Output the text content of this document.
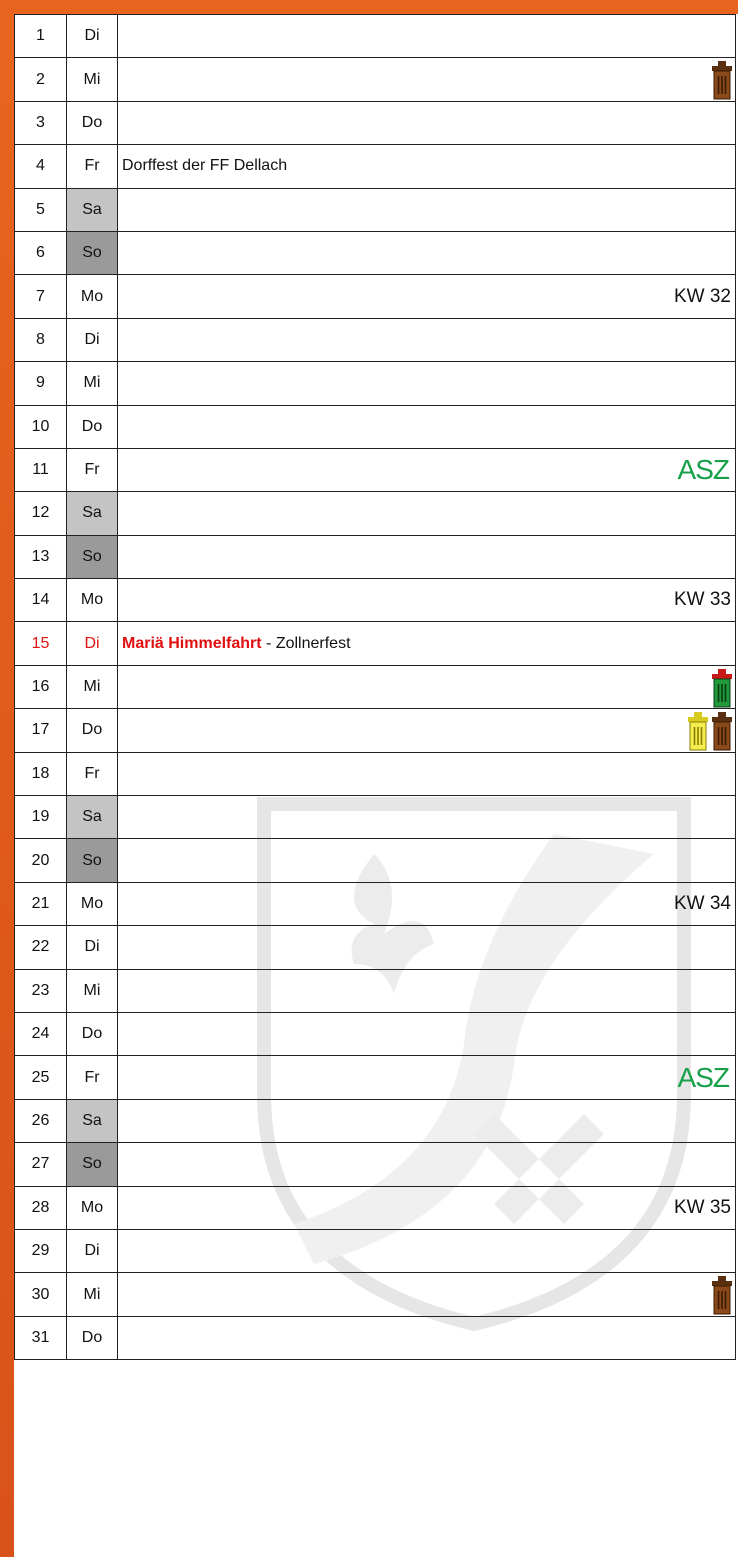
1	Di	
2	Mi	

3	Do	
4	Fr	Dorffest der FF Dellach
5	Sa	
6	So	
7	Mo	KW 32

8	Di	
9	Mi	
10	Do	
11	Fr	ASZ

12	Sa	
13	So	
14	Mo	KW 33

15	Di	Mariä Himmelfahrt - Zollnerfest
16	Mi	

17	Do	

18	Fr	
19	Sa	
20	So	
21	Mo	KW 34

22	Di	
23	Mi	
24	Do	
25	Fr	ASZ

26	Sa	
27	So	
28	Mo	KW 35

29	Di	
30	Mi	

31	Do	
